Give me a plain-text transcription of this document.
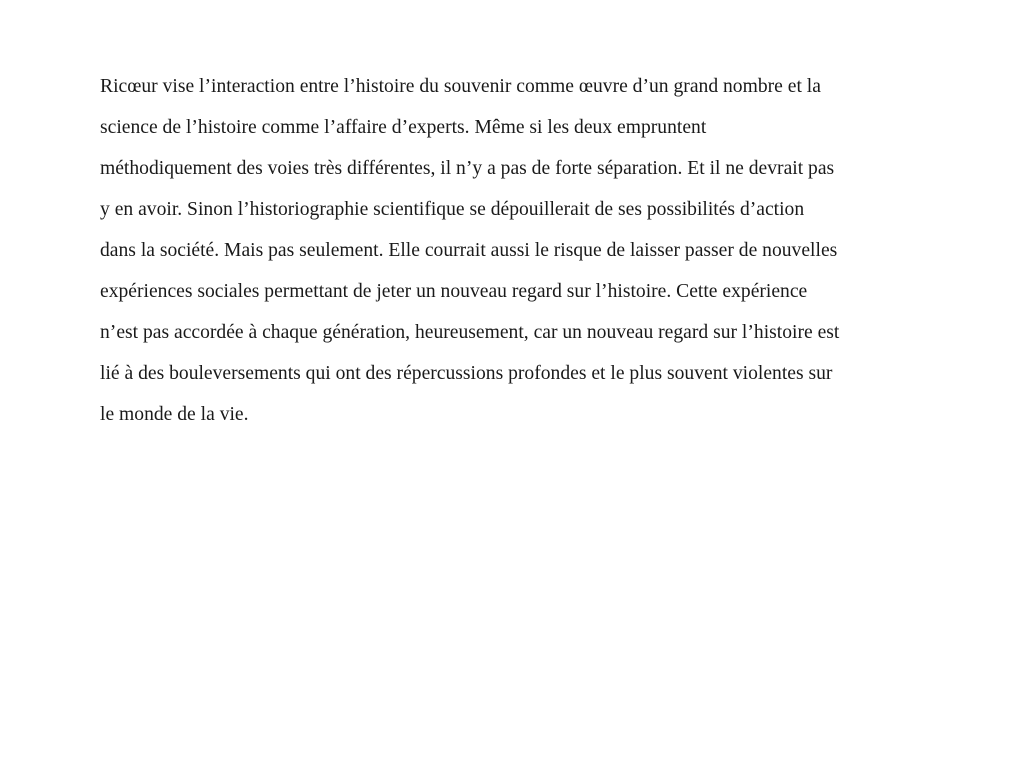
Ricœur vise l’interaction entre l’histoire du souvenir comme œuvre d’un grand nombre et la
science de l’histoire comme l’affaire d’experts. Même si les deux empruntent
méthodiquement des voies très différentes, il n’y a pas de forte séparation. Et il ne devrait pas
y en avoir. Sinon l’historiographie scientifique se dépouillerait de ses possibilités d’action
dans la société. Mais pas seulement. Elle courrait aussi le risque de laisser passer de nouvelles
expériences sociales permettant de jeter un nouveau regard sur l’histoire. Cette expérience
n’est pas accordée à chaque génération, heureusement, car un nouveau regard sur l’histoire est
lié à des bouleversements qui ont des répercussions profondes et le plus souvent violentes sur
le monde de la vie.
